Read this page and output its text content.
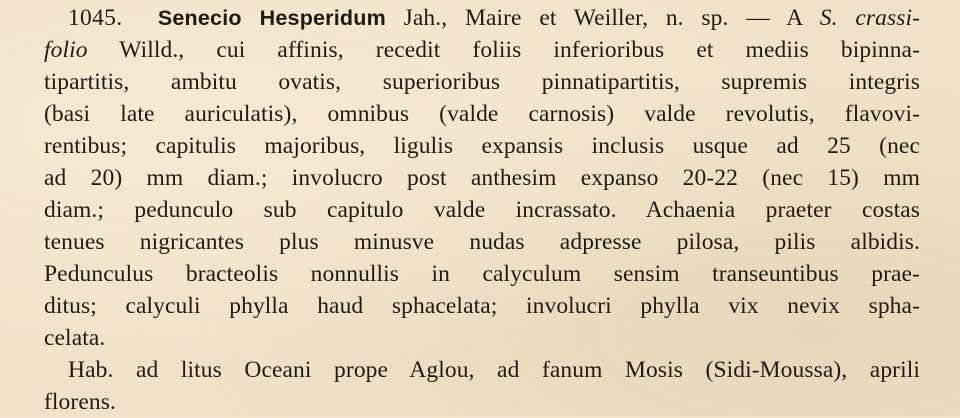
1045. Senecio Hesperidum Jah., Maire et Weiller, n. sp. — A S. crassi-
folio Willd., cui affinis, recedit foliis inferioribus et mediis bipinna-
tipartitis, ambitu ovatis, superioribus pinnatipartitis, supremis integris
(basi late auriculatis), omnibus (valde carnosis) valde revolutis, flavovi-
rentibus; capitulis majoribus, ligulis expansis inclusis usque ad 25 (nec
ad 20) mm diam.; involucro post anthesim expanso 20-22 (nec 15) mm
diam.; pedunculo sub capitulo valde incrassato. Achaenia praeter costas
tenues nigricantes plus minusve nudas adpresse pilosa, pilis albidis.
Pedunculus bracteolis nonnullis in calyculum sensim transeuntibus prae-
ditus; calyculi phylla haud sphacelata; involucri phylla vix nevix spha-
celata.
Hab. ad litus Oceani prope Aglou, ad fanum Mosis (Sidi-Moussa), aprili
florens.
